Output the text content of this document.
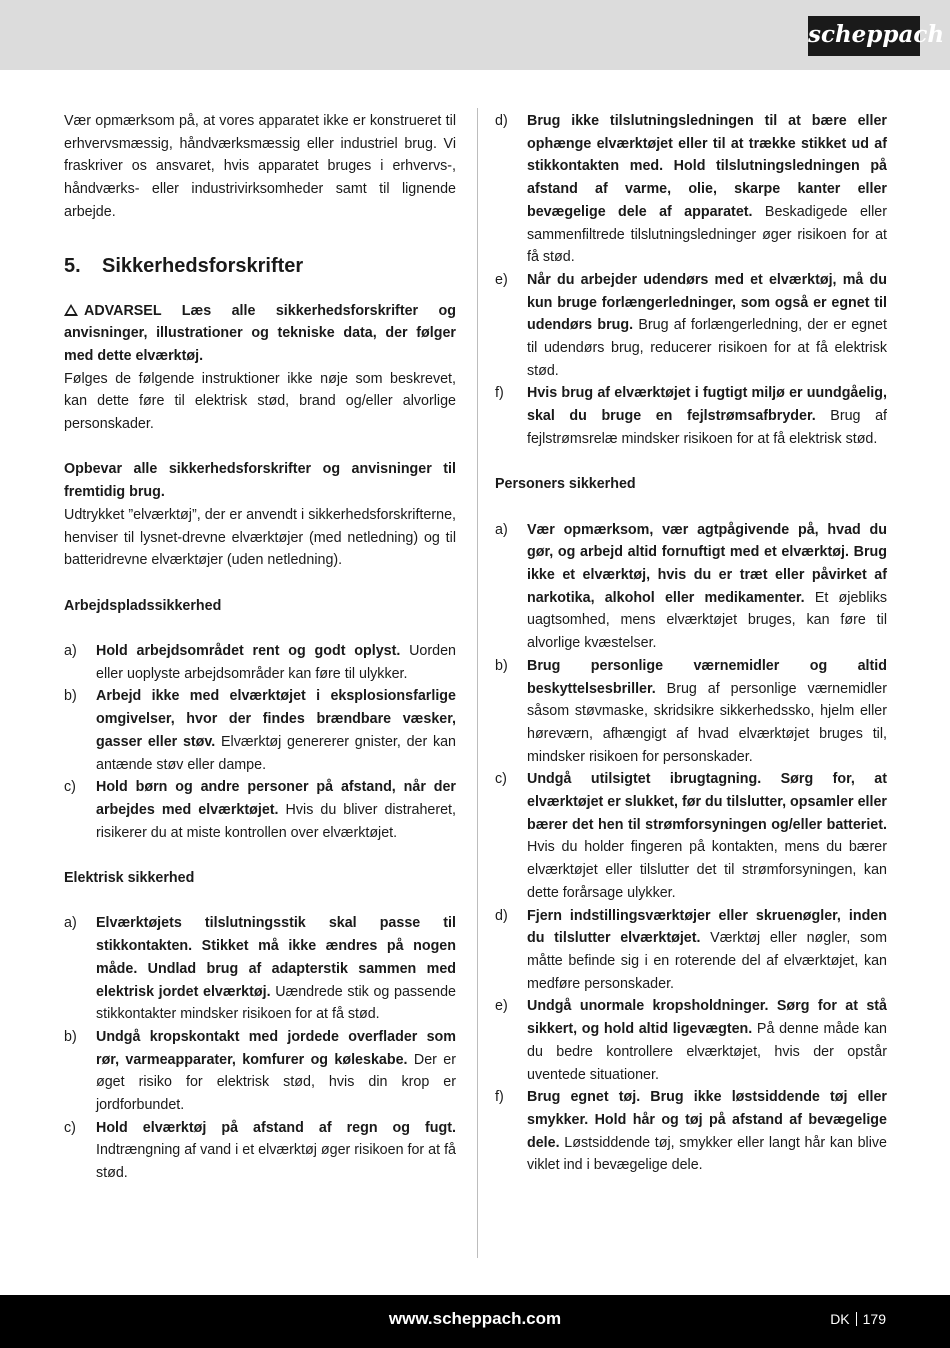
scheppach

Vær opmærksom på, at vores apparatet ikke er konstrueret til erhvervsmæssig, håndværksmæssig eller industriel brug. Vi fraskriver os ansvaret, hvis apparatet bruges i erhvervs-, håndværks- eller industrivirksomheder samt til lignende arbejde.

5. Sikkerhedsforskrifter

ADVARSEL Læs alle sikkerhedsforskrifter og anvisninger, illustrationer og tekniske data, der følger med dette elværktøj.

Følges de følgende instruktioner ikke nøje som beskrevet, kan dette føre til elektrisk stød, brand og/eller alvorlige personskader.

Opbevar alle sikkerhedsforskrifter og anvisninger til fremtidig brug.

Udtrykket ”elværktøj”, der er anvendt i sikkerhedsforskrifterne, henviser til lysnet-drevne elværktøjer (med netledning) og til batteridrevne elværktøjer (uden netledning).

Arbejdspladssikkerhed

a) Hold arbejdsområdet rent og godt oplyst. Uorden eller uoplyste arbejdsområder kan føre til ulykker.
b) Arbejd ikke med elværktøjet i eksplosionsfarlige omgivelser, hvor der findes brændbare væsker, gasser eller støv. Elværktøj genererer gnister, der kan antænde støv eller dampe.
c) Hold børn og andre personer på afstand, når der arbejdes med elværktøjet. Hvis du bliver distraheret, risikerer du at miste kontrollen over elværktøjet.

Elektrisk sikkerhed

a) Elværktøjets tilslutningsstik skal passe til stikkontakten. Stikket må ikke ændres på nogen måde. Undlad brug af adapterstik sammen med elektrisk jordet elværktøj. Uændrede stik og passende stikkontakter mindsker risikoen for at få stød.
b) Undgå kropskontakt med jordede overflader som rør, varmeapparater, komfurer og køleskabe. Der er øget risiko for elektrisk stød, hvis din krop er jordforbundet.
c) Hold elværktøj på afstand af regn og fugt. Indtrængning af vand i et elværktøj øger risikoen for at få stød.
d) Brug ikke tilslutningsledningen til at bære eller ophænge elværktøjet eller til at trække stikket ud af stikkontakten med. Hold tilslutningsledningen på afstand af varme, olie, skarpe kanter eller bevægelige dele af apparatet. Beskadigede eller sammenfiltrede tilslutningsledninger øger risikoen for at få stød.
e) Når du arbejder udendørs med et elværktøj, må du kun bruge forlængerledninger, som også er egnet til udendørs brug. Brug af forlængerledning, der er egnet til udendørs brug, reducerer risikoen for at få elektrisk stød.
f) Hvis brug af elværktøjet i fugtigt miljø er uundgåelig, skal du bruge en fejlstrømsafbryder. Brug af fejlstrømsrelæ mindsker risikoen for at få elektrisk stød.

Personers sikkerhed

a) Vær opmærksom, vær agtpågivende på, hvad du gør, og arbejd altid fornuftigt med et elværktøj. Brug ikke et elværktøj, hvis du er træt eller påvirket af narkotika, alkohol eller medikamenter. Et øjebliks uagtsomhed, mens elværktøjet bruges, kan føre til alvorlige kvæstelser.
b) Brug personlige værnemidler og altid beskyttelsesbriller. Brug af personlige værnemidler såsom støvmaske, skridsikre sikkerhedssko, hjelm eller høreværn, afhængigt af hvad elværktøjet bruges til, mindsker risikoen for personskader.
c) Undgå utilsigtet ibrugtagning. Sørg for, at elværktøjet er slukket, før du tilslutter, opsamler eller bærer det hen til strømforsyningen og/eller batteriet. Hvis du holder fingeren på kontakten, mens du bærer elværktøjet eller tilslutter det til strømforsyningen, kan dette forårsage ulykker.
d) Fjern indstillingsværktøjer eller skruenøgler, inden du tilslutter elværktøjet. Værktøj eller nøgler, som måtte befinde sig i en roterende del af elværktøjet, kan medføre personskader.
e) Undgå unormale kropsholdninger. Sørg for at stå sikkert, og hold altid ligevægten. På denne måde kan du bedre kontrollere elværktøjet, hvis der opstår uventede situationer.
f) Brug egnet tøj. Brug ikke løstsiddende tøj eller smykker. Hold hår og tøj på afstand af bevægelige dele. Løstsiddende tøj, smykker eller langt hår kan blive viklet ind i bevægelige dele.
www.scheppach.com	DK 179
